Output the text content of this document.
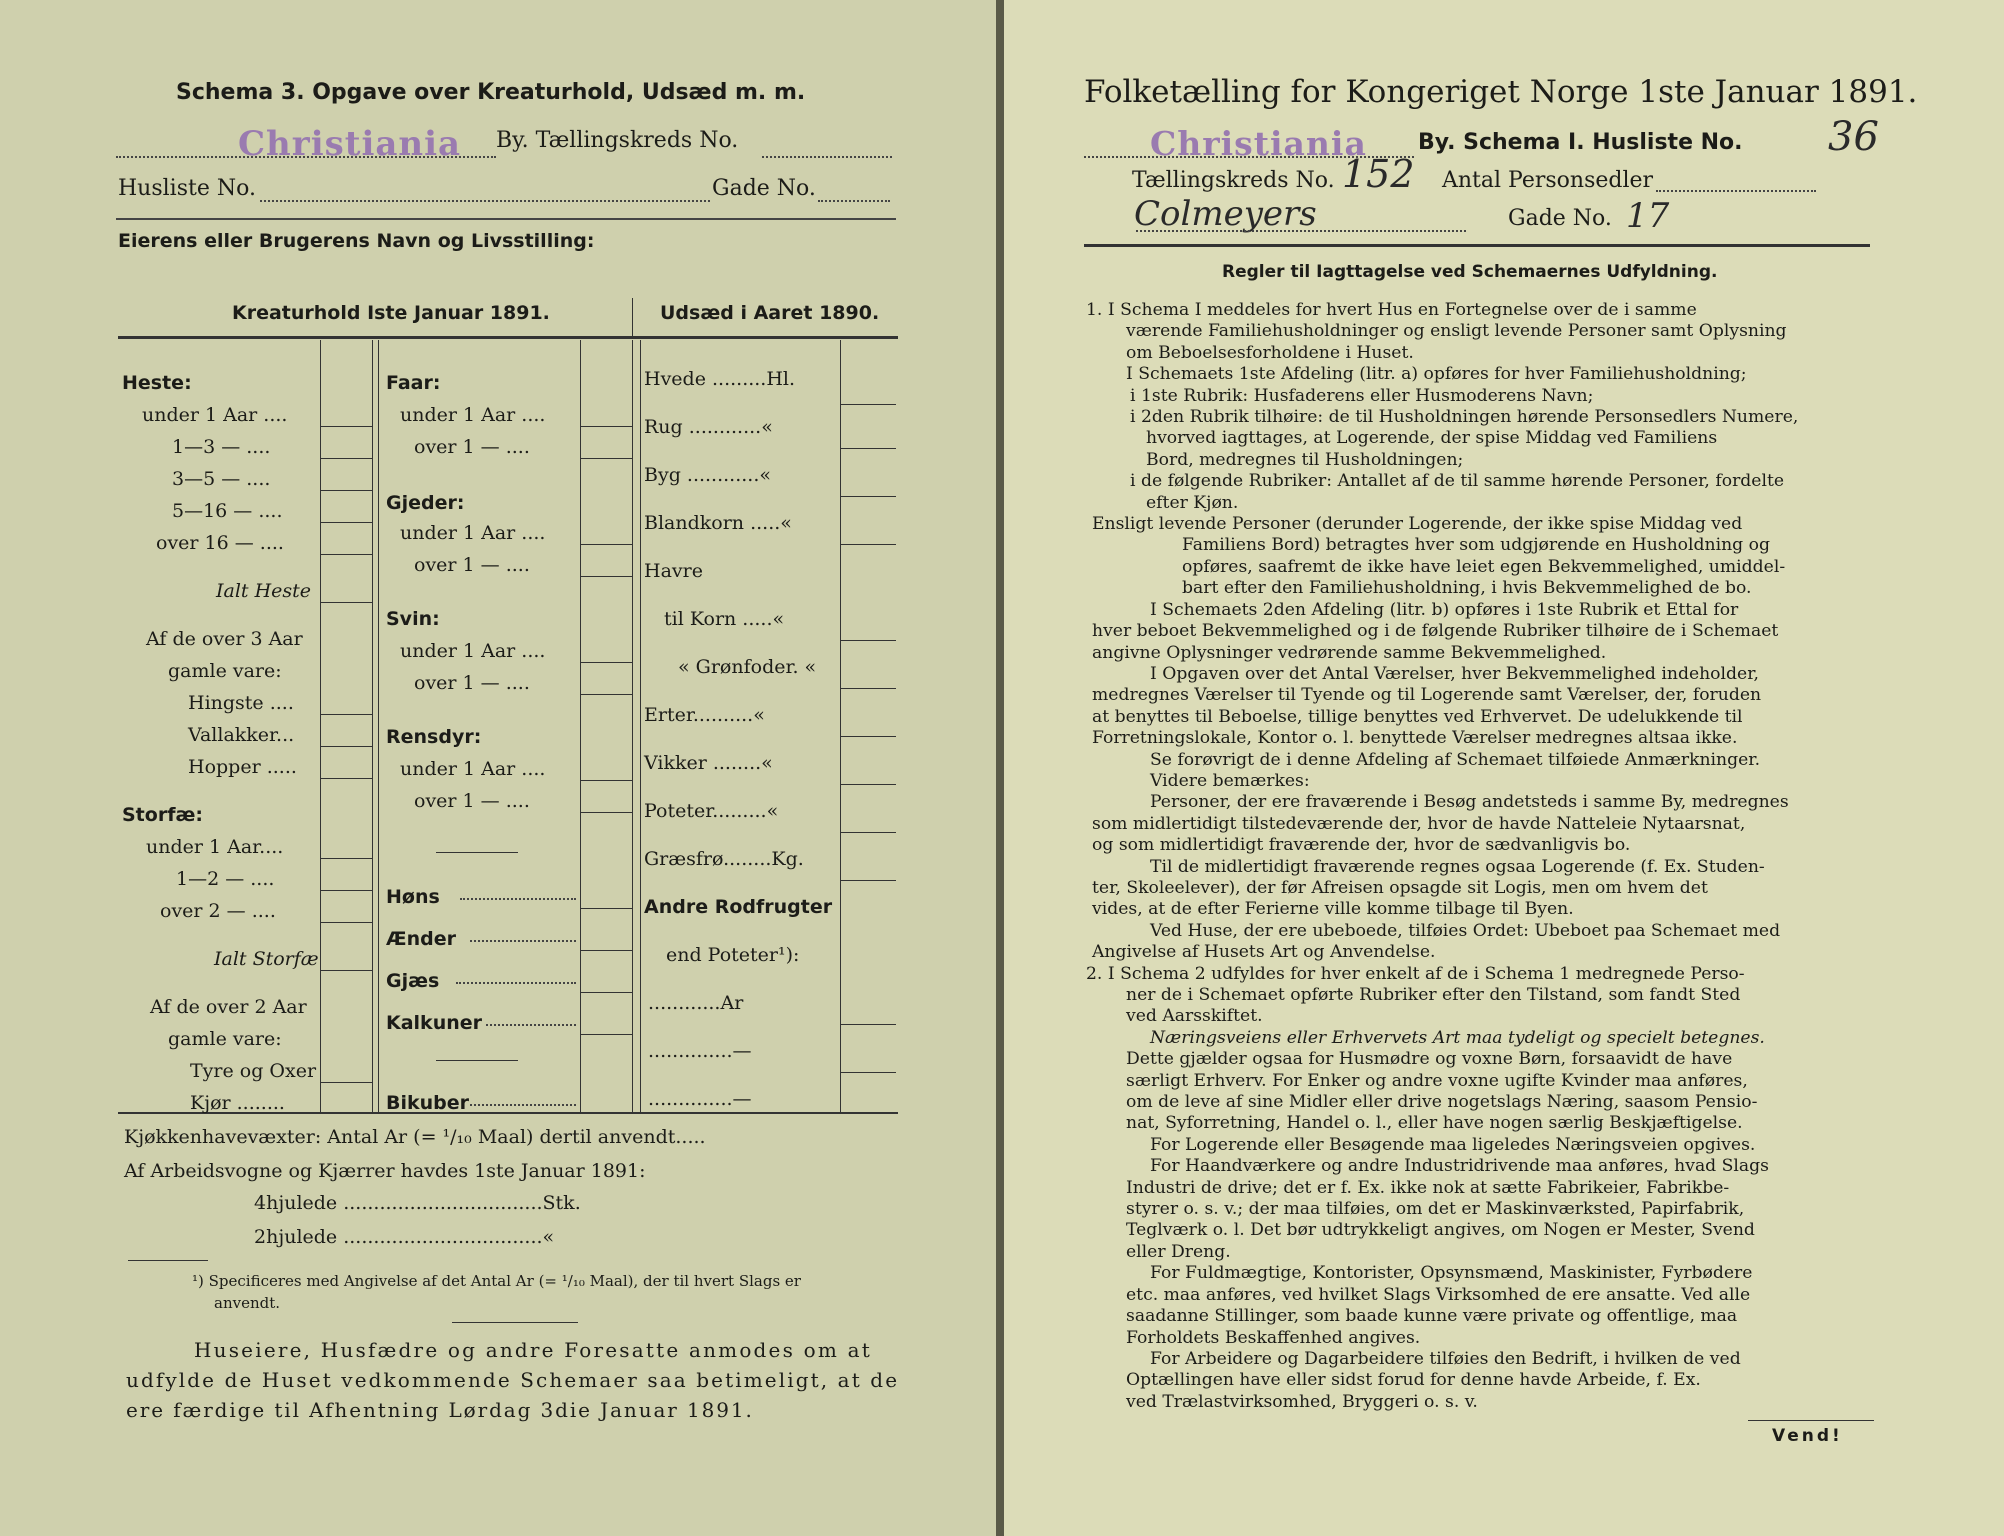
Schema 3. Opgave over Kreaturhold, Udsæd m. m.
Christiania By. Tællingskreds No.
Husliste No.	Gade No.
Eierens eller Brugerens Navn og Livsstilling:
Kreaturhold Iste Januar 1891.	Udsæd i Aaret 1890.
Heste:
under 1 Aar ....
1—3 — ....
3—5 — ....
5—16 — ....
over 16 — ....
Ialt Heste
Af de over 3 Aar
gamle vare:
Hingste ....
Vallakker...
Hopper .....
Storfæ:
under 1 Aar....
1—2 — ....
over 2 — ....
Ialt Storfæ
Af de over 2 Aar
gamle vare:
Tyre og Oxer
Kjør ........
Faar:
under 1 Aar ....
over 1 — ....
Gjeder:
under 1 Aar ....
over 1 — ....
Svin:
under 1 Aar ....
over 1 — ....
Rensdyr:
under 1 Aar ....
over 1 — ....
Høns
Ænder
Gjæs
Kalkuner
Bikuber
Hvede .........Hl.
Rug ............«
Byg ............«
Blandkorn .....«
Havre
til Korn .....«
« Grønfoder. «
Erter..........«
Vikker ........«
Poteter.........«
Græsfrø........Kg.
Andre Rodfrugter
end Poteter¹):
............Ar
..............—
..............—
Kjøkkenhavevæxter: Antal Ar (= ¹/₁₀ Maal) dertil anvendt.....
Af Arbeidsvogne og Kjærrer havdes 1ste Januar 1891:
4hjulede .................................Stk.
2hjulede .................................«
¹) Specificeres med Angivelse af det Antal Ar (= ¹/₁₀ Maal), der til hvert Slags er
anvendt.
Huseiere, Husfædre og andre Foresatte anmodes om at
udfylde de Huset vedkommende Schemaer saa betimeligt, at de
ere færdige til Afhentning Lørdag 3die Januar 1891.
Folketælling for Kongeriget Norge 1ste Januar 1891.
Christiania By. Schema I. Husliste No. 36
Tællingskreds No. 152 Antal Personsedler
Colmeyers	Gade No. 17
Regler til Iagttagelse ved Schemaernes Udfyldning.

1. I Schema I meddeles for hvert Hus en Fortegnelse over de i samme

værende Familiehusholdninger og ensligt levende Personer samt Oplysning

om Beboelsesforholdene i Huset.

I Schemaets 1ste Afdeling (litr. a) opføres for hver Familiehusholdning;

i 1ste Rubrik: Husfaderens eller Husmoderens Navn;

i 2den Rubrik tilhøire: de til Husholdningen hørende Personsedlers Numere,

hvorved iagttages, at Logerende, der spise Middag ved Familiens

Bord, medregnes til Husholdningen;

i de følgende Rubriker: Antallet af de til samme hørende Personer, fordelte

efter Kjøn.

Ensligt levende Personer (derunder Logerende, der ikke spise Middag ved

Familiens Bord) betragtes hver som udgjørende en Husholdning og

opføres, saafremt de ikke have leiet egen Bekvemmelighed, umiddel-

bart efter den Familiehusholdning, i hvis Bekvemmelighed de bo.

I Schemaets 2den Afdeling (litr. b) opføres i 1ste Rubrik et Ettal for

hver beboet Bekvemmelighed og i de følgende Rubriker tilhøire de i Schemaet

angivne Oplysninger vedrørende samme Bekvemmelighed.

I Opgaven over det Antal Værelser, hver Bekvemmelighed indeholder,

medregnes Værelser til Tyende og til Logerende samt Værelser, der, foruden

at benyttes til Beboelse, tillige benyttes ved Erhvervet. De udelukkende til

Forretningslokale, Kontor o. l. benyttede Værelser medregnes altsaa ikke.

Se forøvrigt de i denne Afdeling af Schemaet tilføiede Anmærkninger.

Videre bemærkes:

Personer, der ere fraværende i Besøg andetsteds i samme By, medregnes

som midlertidigt tilstedeværende der, hvor de havde Natteleie Nytaarsnat,

og som midlertidigt fraværende der, hvor de sædvanligvis bo.

Til de midlertidigt fraværende regnes ogsaa Logerende (f. Ex. Studen-

ter, Skoleelever), der før Afreisen opsagde sit Logis, men om hvem det

vides, at de efter Ferierne ville komme tilbage til Byen.

Ved Huse, der ere ubeboede, tilføies Ordet: Ubeboet paa Schemaet med

Angivelse af Husets Art og Anvendelse.

2. I Schema 2 udfyldes for hver enkelt af de i Schema 1 medregnede Perso-

ner de i Schemaet opførte Rubriker efter den Tilstand, som fandt Sted

ved Aarsskiftet.

Næringsveiens eller Erhvervets Art maa tydeligt og specielt betegnes.

Dette gjælder ogsaa for Husmødre og voxne Børn, forsaavidt de have

særligt Erhverv. For Enker og andre voxne ugifte Kvinder maa anføres,

om de leve af sine Midler eller drive nogetslags Næring, saasom Pensio-

nat, Syforretning, Handel o. l., eller have nogen særlig Beskjæftigelse.

For Logerende eller Besøgende maa ligeledes Næringsveien opgives.

For Haandværkere og andre Industridrivende maa anføres, hvad Slags

Industri de drive; det er f. Ex. ikke nok at sætte Fabrikeier, Fabrikbe-

styrer o. s. v.; der maa tilføies, om det er Maskinværksted, Papirfabrik,

Teglværk o. l. Det bør udtrykkeligt angives, om Nogen er Mester, Svend

eller Dreng.

For Fuldmægtige, Kontorister, Opsynsmænd, Maskinister, Fyrbødere

etc. maa anføres, ved hvilket Slags Virksomhed de ere ansatte. Ved alle

saadanne Stillinger, som baade kunne være private og offentlige, maa

Forholdets Beskaffenhed angives.

For Arbeidere og Dagarbeidere tilføies den Bedrift, i hvilken de ved

Optællingen have eller sidst forud for denne havde Arbeide, f. Ex.

ved Trælastvirksomhed, Bryggeri o. s. v.

Vend!
